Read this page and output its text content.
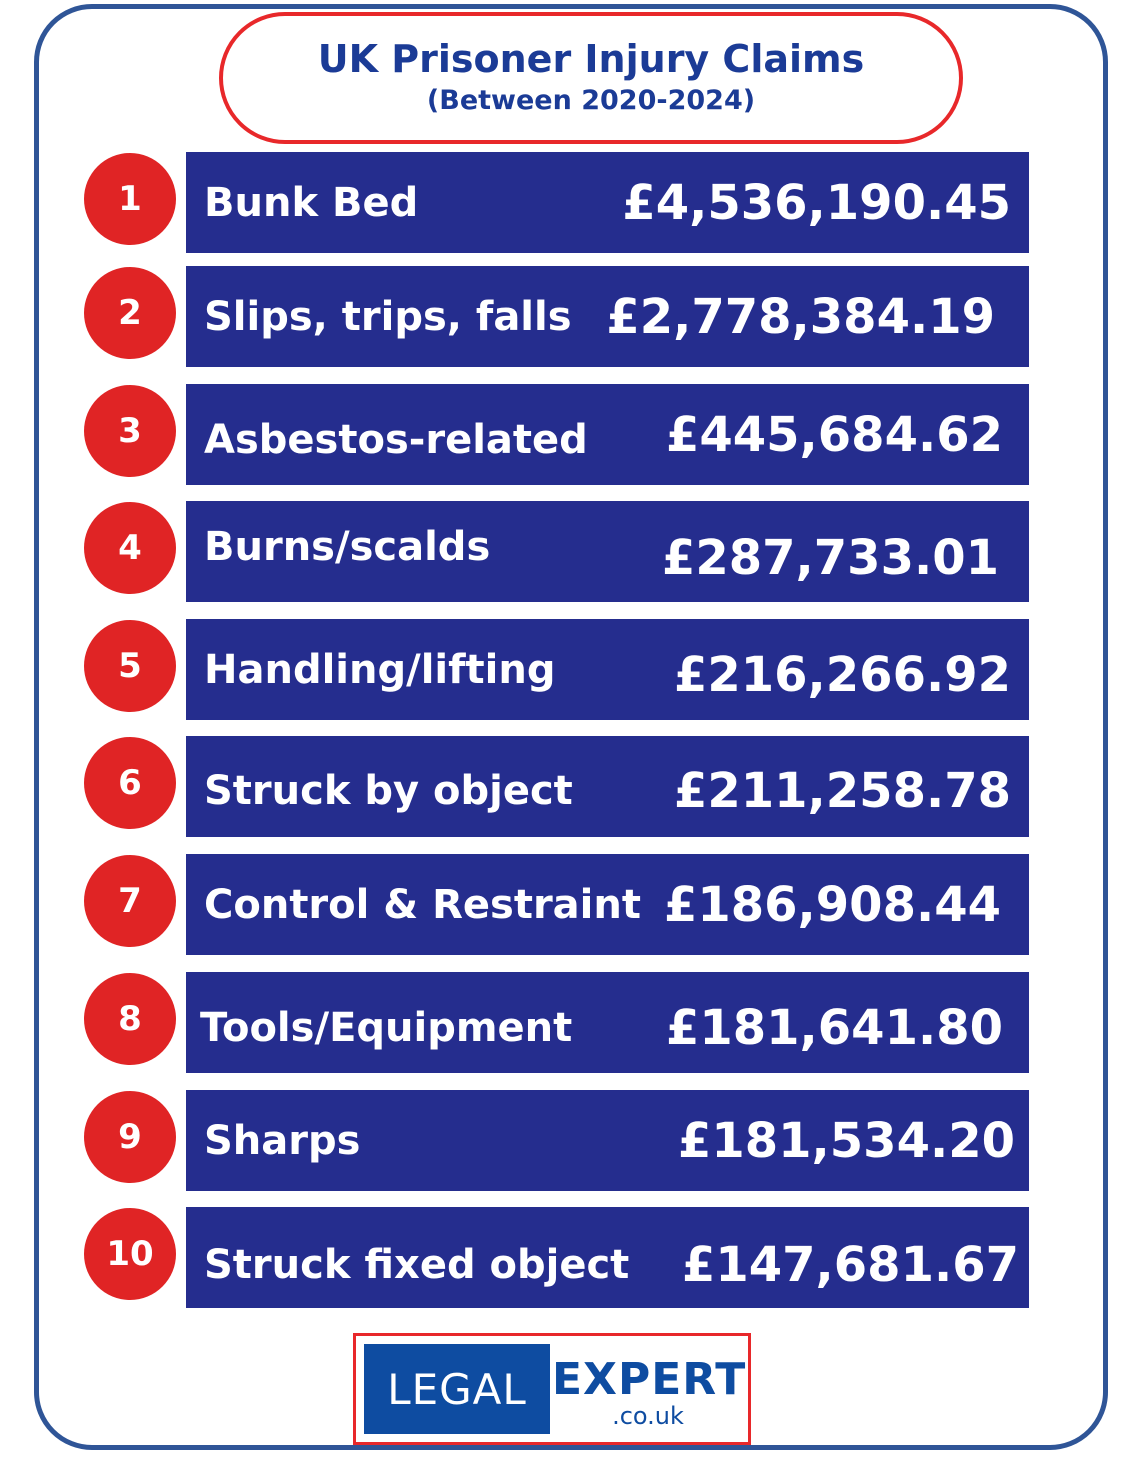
UK Prisoner Injury Claims
(Between 2020-2024)
1	Bunk Bed	£4,536,190.45
2	Slips, trips, falls £2,778,384.19
3	Asbestos-related £445,684.62
4	Burns/scalds	£287,733.01
5	Handling/lifting £216,266.92
6	Struck by object £211,258.78
7	Control & Restraint £186,908.44
8	Tools/Equipment £181,641.80
9	Sharps	£181,534.20
10	Struck fixed object £147,681.67
LEGAL EXPERT
.co.uk
